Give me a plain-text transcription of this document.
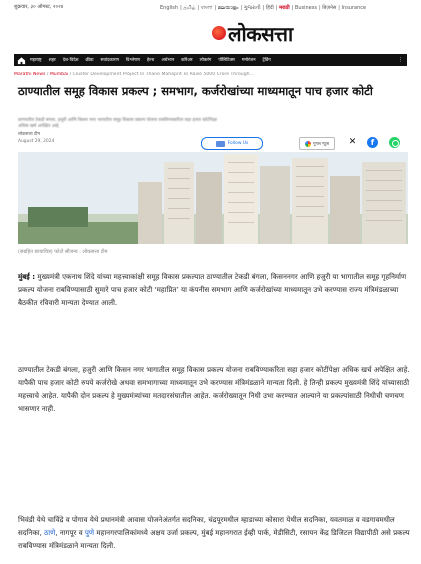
शुक्रवार, ३० ऑगस्ट, २०२४	English | தமிழ் | বাংলা | മലയാളം | ગુજરાતી | हिंदी | मराठी | Business | बिज़नेस | Insurance
लोकसत्ता
महाराष्ट्र शहर देश-विदेश क्रीडा सवांदकारण विश्लेषण हेल्थ अर्थभान करिअर लोकरंग पॉलिटिक्स मनोरंजन ट्रेंडिंग	⋮
Marathi News / Mumbai / Cluster Development Project In Thane Mahaprit To Raise 5000 Crore Through…
ठाण्यातील समूह विकास प्रकल्प ; समभाग, कर्जरोखांच्या माध्यमातून पाच हजार कोटी
ठाण्यातील टेकडी बंगला, हजुरी आणि किसन नगर भागातील समूह विकास प्रकल्प योजना राबविण्याकरिता सहा हजार कोटींपेक्षा अधिक खर्च अपेक्षित आहे.
लोकसत्ता टीम
August 29, 2024	Follow Us	गूगल न्यूज ✕	f
(संग्रहित छायाचित्र) फोटो सौजन्य : लोकसत्ता टीम

मुंबई : मुख्यमंत्री एकनाथ शिंदे यांच्या महत्त्वाकांक्षी समूह विकास प्रकल्पात ठाण्यातील टेकडी बंगला, किसननगर आणि हजुरी या भागातील समूह गृहनिर्माण प्रकल्प योजना राबविण्यासाठी सुमारे पाच हजार कोटी ‘महाप्रित’ या कंपनीस समभाग आणि कर्जरोखांच्या माध्यमातून उभे करण्यास राज्य मंत्रिमंडळाच्या बैठकीत रविवारी मान्यता देण्यात आली.

ठाण्यातील टेकडी बंगला, हजुरी आणि किसन नगर भागातील समूह विकास प्रकल्प योजना राबविण्याकरिता सहा हजार कोटींपेक्षा अधिक खर्च अपेक्षित आहे. यापैकी पाच हजार कोटी रुपये कर्जरोखे अथवा समभागाच्या माध्यमातून उभे करण्यास मंत्रिमंडळाने मान्यता दिली. हे तिन्ही प्रकल्प मुख्यमंत्री शिंदे यांच्यासाठी महत्त्वाचे आहेत. यापैकी दोन प्रकल्प हे मुख्यमंत्र्यांच्या मतदारसंघातील आहेत. कर्जरोख्यातून निधी उभा करण्यात आल्याने या प्रकल्पांसाठी निधीची चणचण भासणार नाही.

भिवंडी येथे चाविंद्रे व पोगाव येथे प्रधानमंत्री आवास योजनेअंतर्गत सदनिका, चंद्रपूरमधील म्हाडाच्या कोसारा येथील सदनिका, यवतमाळ व वडगावमधील सदनिका, ठाणे, नागपूर व पुणे महानगरपालिकांमध्ये अक्षय उर्जा प्रकल्प, मुंबई महानगरात ईव्ही पार्क, मेडीसिटी, रसायन केंद्र डिजिटल विद्यापीठी असे प्रकल्प राबविण्यास मंत्रिमंडळाने मान्यता दिली.
